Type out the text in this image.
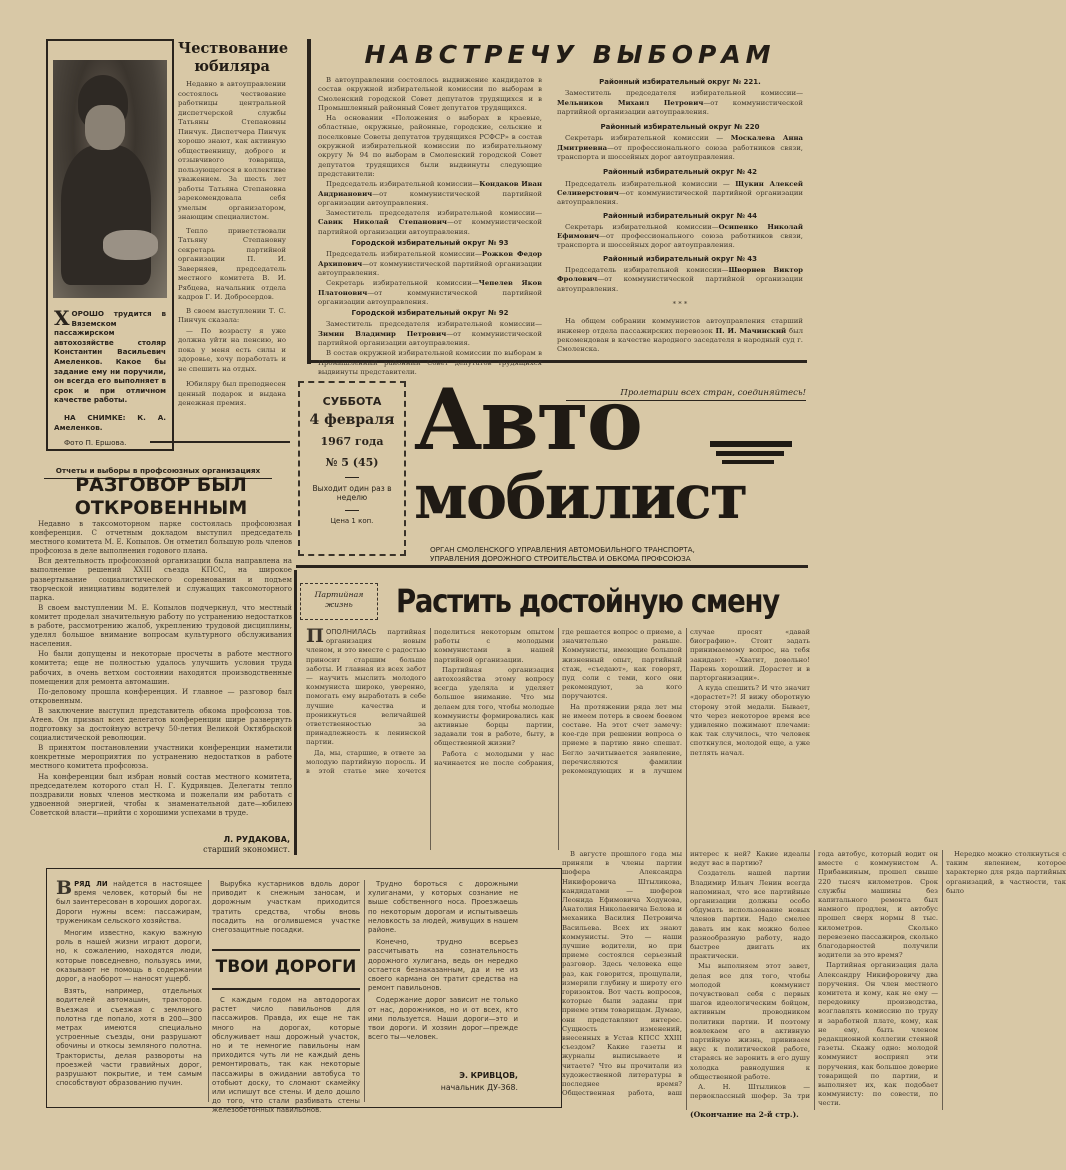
Х ОРОШО трудится в Вяземском пассажирском автохозяйстве столяр Константин Васильевич Амеленков. Какое бы задание ему ни поручили, он всегда его выполняет в срок и при отличном качестве работы.
НА СНИМКЕ: К. А. Амеленков.
Фото П. Ершова.
Чествование
юбиляра

Недавно в автоуправлении состоялось чествование работницы центральной диспетчерской службы Татьяны Степановны Пинчук. Диспетчера Пинчук хорошо знают, как активную общественницу, доброго и отзывчивого товарища, пользующегося в коллективе уважением. За шесть лет работы Татьяна Степановна зарекомендовала себя умелым организатором, знающим специалистом.

Тепло приветствовали Татьяну Степановну секретарь партийной организации П. И. Заверняев, председатель местного комитета В. И. Рябцева, начальник отдела кадров Г. И. Добросердов.

В своем выступлении Т. С. Пинчук сказала:

— По возрасту я уже должна уйти на пенсию, но пока у меня есть силы и здоровье, хочу поработать и не спешить на отдых.

Юбиляру был преподнесен ценный подарок и выдана денежная премия.

НАВСТРЕЧУ ВЫБОРАМ

В автоуправлении состоялось выдвижение кандидатов в состав окружной избирательной комиссии по выборам в Смоленский городской Совет депутатов трудящихся и в Промышленный районный Совет депутатов трудящихся.

На основании «Положения о выборах в краевые, областные, окружные, районные, городские, сельские и поселковые Советы депутатов трудящихся РСФСР» в состав окружной избирательной комиссии по избирательному округу № 94 по выборам в Смоленский городской Совет депутатов трудящихся были выдвинуты следующие представители:

Председатель избирательной комиссии—Кондаков Иван Андрианович—от коммунистической партийной организации автоуправления.

Заместитель председателя избирательной комиссии—Савик Николай Степанович—от коммунистической партийной организации автоуправления.

Городской избирательный округ № 93

Председатель избирательной комиссии—Рожков Федор Архипович—от коммунистической партийной организации автоуправления.

Секретарь избирательной комиссии—Чепелев Яков Платонович—от коммунистической партийной организации автоуправления.

Городской избирательный округ № 92

Заместитель председателя избирательной комиссии—Зимин Владимир Петрович—от коммунистической партийной организации автоуправления.

В состав окружной избирательной комиссии по выборам в Промышленный районный Совет депутатов трудящихся выдвинуты представители.

Районный избирательный округ № 221.

Заместитель председателя избирательной комиссии—Мельников Михаил Петрович—от коммунистической партийной организации автоуправления.

Районный избирательный округ № 220

Секретарь избирательной комиссии — Москалева Анна Дмитриевна—от профессионального союза работников связи, транспорта и шоссейных дорог автоуправления.

Районный избирательный округ № 42

Председатель избирательной комиссии — Щукин Алексей Селиверстович—от коммунистической партийной организации автоуправления.

Районный избирательный округ № 44

Секретарь избирательной комиссии—Осипенко Николай Ефимович—от профессионального союза работников связи, транспорта и шоссейных дорог автоуправления.

Районный избирательный округ № 43

Председатель избирательной комиссии—Шворнев Виктор Фролович—от коммунистической партийной организации автоуправления.

* * *

На общем собрании коммунистов автоуправления старший инженер отдела пассажирских перевозок П. И. Мачинский был рекомендован в качестве народного заседателя в народный суд г. Смоленска.

СУББОТА
4 февраля
1967 года
№ 5 (45)
Выходит один раз в неделю
Цена 1 коп.
Пролетарии всех стран, соединяйтесь!
Авто
мобилист
ОРГАН СМОЛЕНСКОГО УПРАВЛЕНИЯ АВТОМОБИЛЬНОГО ТРАНСПОРТА,
УПРАВЛЕНИЯ ДОРОЖНОГО СТРОИТЕЛЬСТВА И ОБКОМА ПРОФСОЮЗА
Отчеты и выборы в профсоюзных организациях
РАЗГОВОР БЫЛ
ОТКРОВЕННЫМ

Недавно в таксомоторном парке состоялась профсоюзная конференция. С отчетным докладом выступил председатель местного комитета М. Е. Копылов. Он отметил большую роль членов профсоюза в деле выполнения годового плана.

Вся деятельность профсоюзной организации была направлена на выполнение решений XXIII съезда КПСС, на широкое развертывание социалистического соревнования и подъем творческой инициативы водителей и служащих таксомоторного парка.

В своем выступлении М. Е. Копылов подчеркнул, что местный комитет проделал значительную работу по устранению недостатков в работе, рассмотрению жалоб, укреплению трудовой дисциплины, уделял большое внимание вопросам культурного обслуживания населения.

Но были допущены и некоторые просчеты в работе местного комитета; еще не полностью удалось улучшить условия труда рабочих, в очень ветхом состоянии находятся производственные помещения для ремонта автомашин.

По-деловому прошла конференция. И главное — разговор был откровенным.

В заключение выступил представитель обкома профсоюза тов. Атеев. Он призвал всех делегатов конференции шире развернуть подготовку за достойную встречу 50-летия Великой Октябрьской социалистической революции.

В принятом постановлении участники конференции наметили конкретные мероприятия по устранению недостатков в работе местного комитета профсоюза.

На конференции был избран новый состав местного комитета, председателем которого стал Н. Г. Кудрявцев. Делегаты тепло поздравили новых членов месткома и пожелали им работать с удвоенной энергией, чтобы к знаменательной дате—юбилею Советской власти—прийти с хорошими успехами в труде.

Л. РУДАКОВА,
старший экономист.
Партийная жизнь	Растить достойную смену

ПОПОЛНИЛАСЬ партийная организация новым членом, и это вместе с радостью приносит старшим больше заботы. И главная из всех забот — научить мыслить молодого коммуниста широко, уверенно, помогать ему выработать в себе лучшие качества и проникнуться величайшей ответственностью за принадлежность к ленинской партии.

Да, мы, старшие, в ответе за молодую партийную поросль. И в этой статье мне хочется поделиться некоторым опытом работы с молодыми коммунистами в нашей партийной организации.

Партийная организация автохозяйства этому вопросу всегда уделяла и уделяет большое внимание. Что мы делаем для того, чтобы молодые коммунисты формировались как активные борцы партии, задавали тон в работе, быту, в общественной жизни?

Работа с молодыми у нас начинается не после собрания, где решается вопрос о приеме, а значительно раньше. Коммунисты, имеющие большой жизненный опыт, партийный стаж, «съедают», как говорят, пуд соли с теми, кого они рекомендуют, за кого поручаются.

На протяжении ряда лет мы не имеем потерь в своем боевом составе. На этот счет замечу: кое-где при решении вопроса о приеме в партию явно спешат. Бегло зачитывается заявление, перечисляются фамилии рекомендующих и в лучшем случае просят «давай биографию». Стоит задать принимаемому вопрос, на тебя закидают: «Хватит, довольно! Парень хороший. Дорастет и в парторганизации».

А куда спешить? И что значит «дорастет»?! Я вижу оборотную сторону этой медали. Бывает, что через некоторое время все удивленно пожимают плечами: как так случилось, что человек споткнулся, молодой еще, а уже петлять начал.

В августе прошлого года мы приняли в члены партии шофера Александра Никифоровича Штыликова, кандидатами — шоферов Леонида Ефимовича Ходунова, Анатолия Николаевича Белова и механика Василия Петровича Васильева. Всех их знают коммунисты. Это — наши лучшие водители, но при приеме состоялся серьезный разговор. Здесь человека еще раз, как говорится, прощупали, измерили глубину и широту его горизонтов. Вот часть вопросов, которые были заданы при приеме этим товарищам. Думаю, они представляют интерес. Сущность изменений, внесенных в Устав КПСС XXIII съездом? Какие газеты и журналы выписываете и читаете? Что вы прочитали из художественной литературы в последнее время? Общественная работа, ваш интерес к ней? Какие идеалы ведут вас в партию?

Создатель нашей партии Владимир Ильич Ленин всегда напоминал, что все партийные организации должны особо обдумать использование новых членов партии. Надо смелее давать им как можно более разнообразную работу, надо быстрее двигать их практически.

Мы выполняем этот завет, делая все для того, чтобы молодой коммунист почувствовал себя с первых шагов идеологическим бойцом, активным проводником политики партии. И поэтому вовлекаем его в активную партийную жизнь, прививаем вкус к политической работе, стараясь не заронить в его душу холодка равнодушия к общественной работе.

А. Н. Штыликов — первоклассный шофер. За три года автобус, который водит он вместе с коммунистом А. Прибавкиным, прошел свыше 220 тысяч километров. Срок службы машины без капитального ремонта был намного продлен, и автобус прошел сверх нормы 8 тыс. километров. Сколько перевезено пассажиров, сколько благодарностей получили водители за это время?

Партийная организация дала Александру Никифоровичу два поручения. Он член местного комитета и кому, как не ему — передовику производства, возглавлять комиссию по труду и заработной плате, кому, как не ему, быть членом редакционной коллегии стенной газеты. Скажу одно: молодой коммунист восприял эти поручения, как большое доверие товарищей по партии, и выполняет их, как подобает коммунисту: по совести, по чести.

Нередко можно столкнуться с таким явлением, которое характерно для ряда партийных организаций, в частности, так было

(Окончание на 2-й стр.).

ВРЯД ЛИ найдется в настоящее время человек, который бы не был заинтересован в хороших дорогах. Дороги нужны всем: пассажирам, труженикам сельского хозяйства.

Многим известно, какую важную роль в нашей жизни играют дороги, но, к сожалению, находятся люди, которые повседневно, пользуясь ими, оказывают не помощь в содержании дорог, а наоборот — наносят ущерб.

Взять, например, отдельных водителей автомашин, тракторов. Въезжая и съезжая с земляного полотна где попало, хотя в 200—300 метрах имеются специально устроенные съезды, они разрушают обочины и откосы земляного полотна. Трактористы, делая развороты на проезжей части гравийных дорог, разрушают покрытие, и тем самым способствуют образованию пучин.

Вырубка кустарников вдоль дорог приводит к снежным заносам, и дорожным участкам приходится тратить средства, чтобы вновь посадить на оголившемся участке снегозащитные посадки.

ТВОИ ДОРОГИ

С каждым годом на автодорогах растет число павильонов для пассажиров. Правда, их еще не так много на дорогах, которые обслуживает наш дорожный участок, но и те немногие павильоны нам приходится чуть ли не каждый день ремонтировать, так как некоторые пассажиры в ожидании автобуса то отобьют доску, то сломают скамейку или испишут все стены. И дело дошло до того, что стали разбивать стены железобетонных павильонов.

Трудно бороться с дорожными хулиганами, у которых сознание не выше собственного носа. Проезжаешь по некоторым дорогам и испытываешь неловкость за людей, живущих в нашем районе.

Конечно, трудно всерьез рассчитывать на сознательность дорожного хулигана, ведь он нередко остается безнаказанным, да и не из своего кармана он тратит средства на ремонт павильонов.

Содержание дорог зависит не только от нас, дорожников, но и от всех, кто ими пользуется. Наши дороги—это и твои дороги. И хозяин дорог—прежде всего ты—человек.

Э. КРИВЦОВ,
начальник ДУ-368.
